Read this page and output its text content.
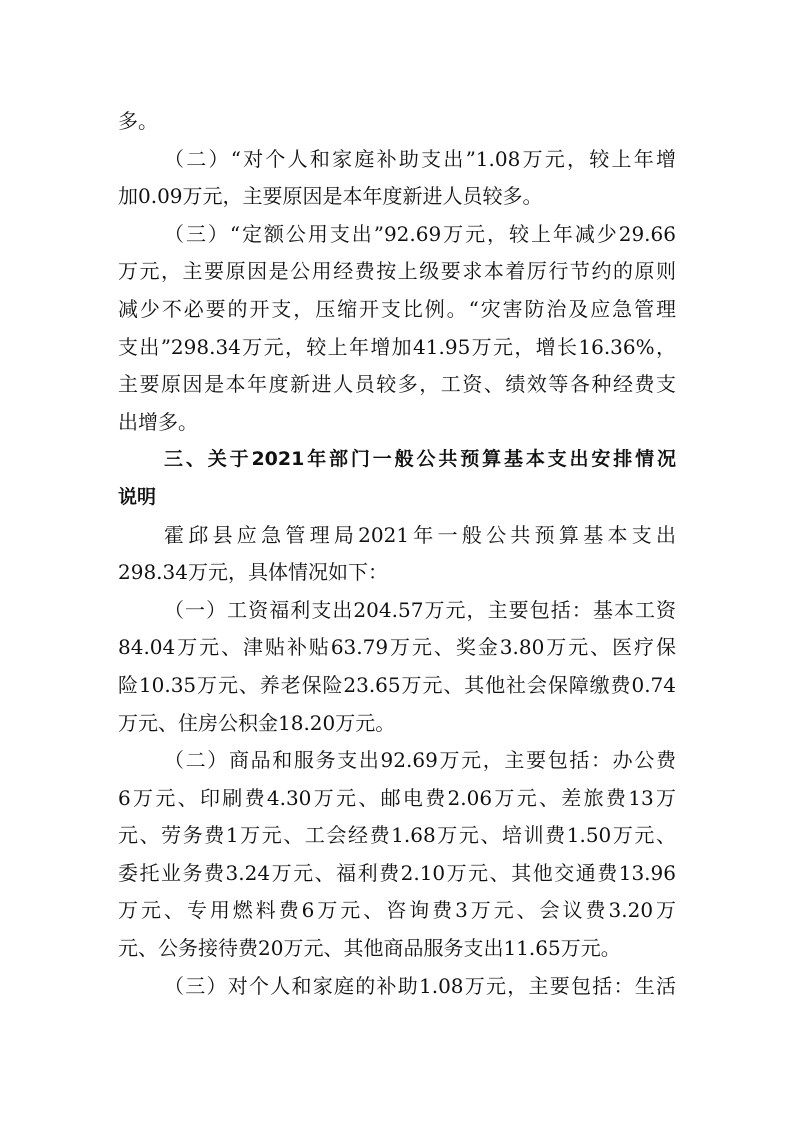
多。
（二）“对个人和家庭补助支出”1.08万元，较上年增
加0.09万元，主要原因是本年度新进人员较多。
（三）“定额公用支出”92.69万元，较上年减少29.66
万元，主要原因是公用经费按上级要求本着厉行节约的原则
减少不必要的开支，压缩开支比例。“灾害防治及应急管理
支出”298.34万元，较上年增加41.95万元，增长16.36%，
主要原因是本年度新进人员较多，工资、绩效等各种经费支
出增多。
三、关于2021年部门一般公共预算基本支出安排情况
说明
霍邱县应急管理局2021年一般公共预算基本支出
298.34万元，具体情况如下：
（一）工资福利支出204.57万元，主要包括：基本工资
84.04万元、津贴补贴63.79万元、奖金3.80万元、医疗保
险10.35万元、养老保险23.65万元、其他社会保障缴费0.74
万元、住房公积金18.20万元。
（二）商品和服务支出92.69万元，主要包括：办公费
6万元、印刷费4.30万元、邮电费2.06万元、差旅费13万
元、劳务费1万元、工会经费1.68万元、培训费1.50万元、
委托业务费3.24万元、福利费2.10万元、其他交通费13.96
万元、专用燃料费6万元、咨询费3万元、会议费3.20万
元、公务接待费20万元、其他商品服务支出11.65万元。
（三）对个人和家庭的补助1.08万元，主要包括：生活
